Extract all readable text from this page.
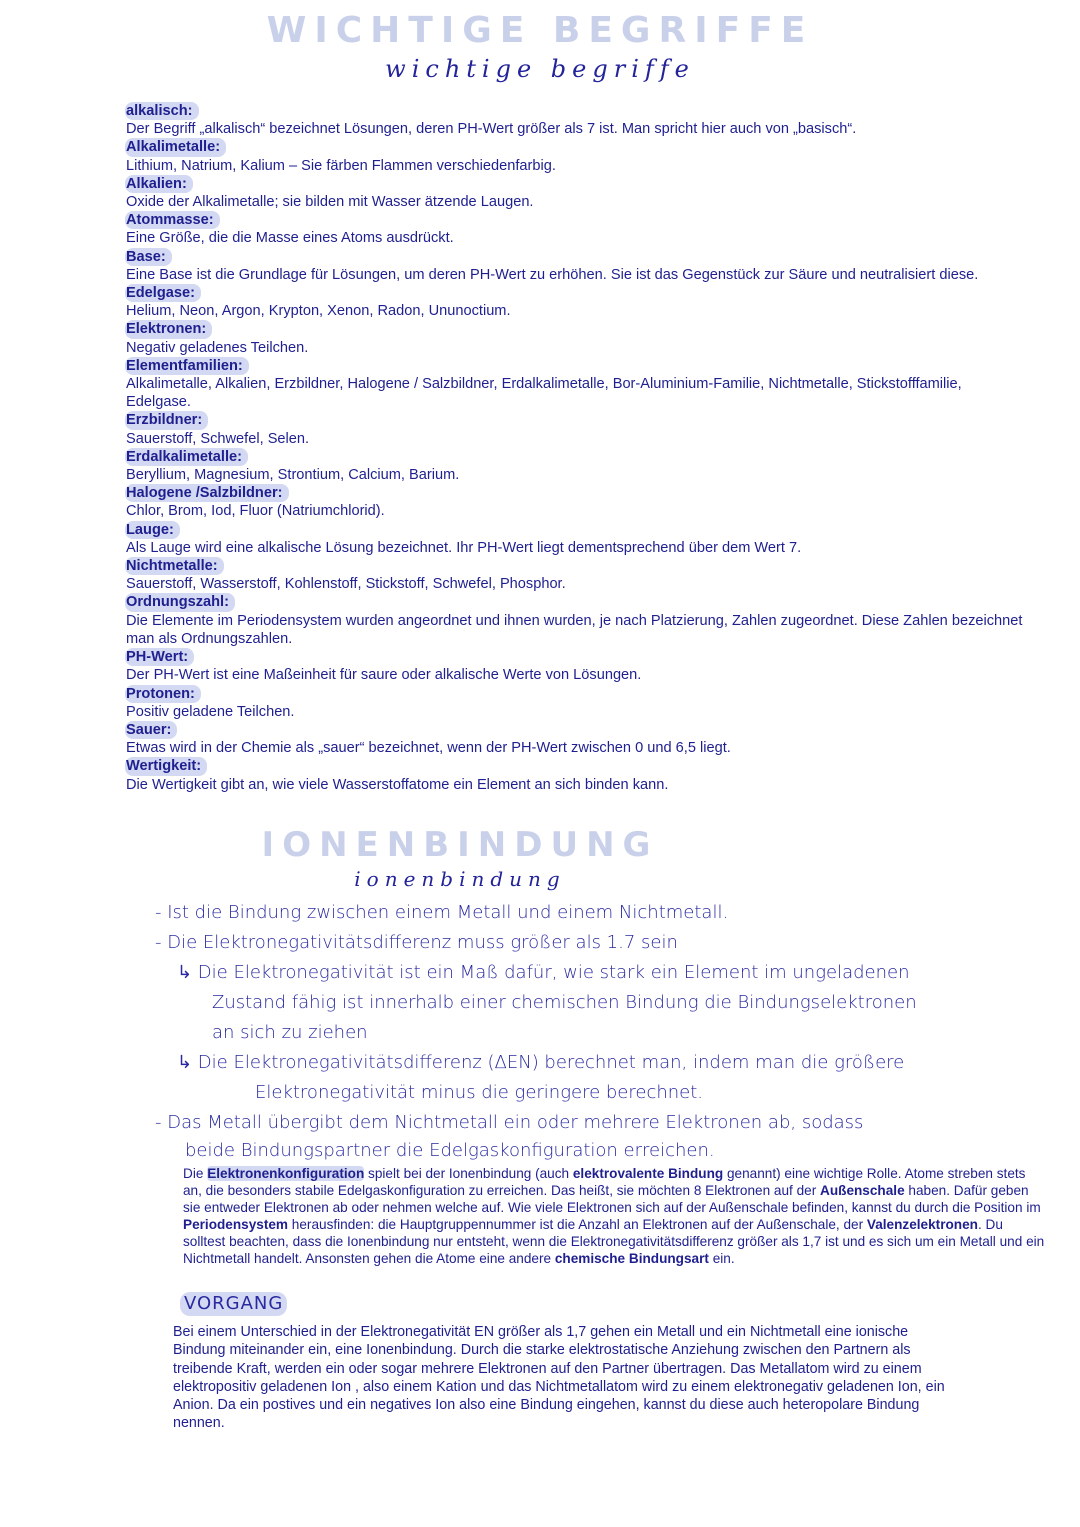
WICHTIGE BEGRIFFE
wichtige begriffe
alkalisch:
Der Begriff „alkalisch“ bezeichnet Lösungen, deren PH-Wert größer als 7 ist. Man spricht hier auch von „basisch“.
Alkalimetalle:
Lithium, Natrium, Kalium – Sie färben Flammen verschiedenfarbig.
Alkalien:
Oxide der Alkalimetalle; sie bilden mit Wasser ätzende Laugen.
Atommasse:
Eine Größe, die die Masse eines Atoms ausdrückt.
Base:
Eine Base ist die Grundlage für Lösungen, um deren PH-Wert zu erhöhen. Sie ist das Gegenstück zur Säure und neutralisiert diese.
Edelgase:
Helium, Neon, Argon, Krypton, Xenon, Radon, Ununoctium.
Elektronen:
Negativ geladenes Teilchen.
Elementfamilien:
Alkalimetalle, Alkalien, Erzbildner, Halogene / Salzbildner, Erdalkalimetalle, Bor-Aluminium-Familie, Nichtmetalle, Stickstofffamilie, Edelgase.
Erzbildner:
Sauerstoff, Schwefel, Selen.
Erdalkalimetalle:
Beryllium, Magnesium, Strontium, Calcium, Barium.
Halogene /Salzbildner:
Chlor, Brom, Iod, Fluor (Natriumchlorid).
Lauge:
Als Lauge wird eine alkalische Lösung bezeichnet. Ihr PH-Wert liegt dementsprechend über dem Wert 7.
Nichtmetalle:
Sauerstoff, Wasserstoff, Kohlenstoff, Stickstoff, Schwefel, Phosphor.
Ordnungszahl:
Die Elemente im Periodensystem wurden angeordnet und ihnen wurden, je nach Platzierung, Zahlen zugeordnet. Diese Zahlen bezeichnet man als Ordnungszahlen.
PH-Wert:
Der PH-Wert ist eine Maßeinheit für saure oder alkalische Werte von Lösungen.
Protonen:
Positiv geladene Teilchen.
Sauer:
Etwas wird in der Chemie als „sauer“ bezeichnet, wenn der PH-Wert zwischen 0 und 6,5 liegt.
Wertigkeit:
Die Wertigkeit gibt an, wie viele Wasserstoffatome ein Element an sich binden kann.
IONENBINDUNG
ionenbindung
- Ist die Bindung zwischen einem Metall und einem Nichtmetall.
- Die Elektronegativitätsdifferenz muss größer als 1.7 sein
↳ Die Elektronegativität ist ein Maß dafür, wie stark ein Element im ungeladenen
Zustand fähig ist innerhalb einer chemischen Bindung die Bindungselektronen
an sich zu ziehen
↳ Die Elektronegativitätsdifferenz (ΔEN) berechnet man, indem man die größere
Elektronegativität minus die geringere berechnet.
- Das Metall übergibt dem Nichtmetall ein oder mehrere Elektronen ab, sodass
beide Bindungspartner die Edelgaskonfiguration erreichen.
Die Elektronenkonfiguration spielt bei der Ionenbindung (auch elektrovalente Bindung genannt) eine wichtige Rolle. Atome streben stets an, die besonders stabile Edelgaskonfiguration zu erreichen. Das heißt, sie möchten 8 Elektronen auf der Außenschale haben. Dafür geben sie entweder Elektronen ab oder nehmen welche auf. Wie viele Elektronen sich auf der Außenschale befinden, kannst du durch die Position im Periodensystem herausfinden: die Hauptgruppennummer ist die Anzahl an Elektronen auf der Außenschale, der Valenzelektronen. Du solltest beachten, dass die Ionenbindung nur entsteht, wenn die Elektronegativitätsdifferenz größer als 1,7 ist und es sich um ein Metall und ein Nichtmetall handelt. Ansonsten gehen die Atome eine andere chemische Bindungsart ein.
VORGANG
Bei einem Unterschied in der Elektronegativität EN größer als 1,7 gehen ein Metall und ein Nichtmetall eine ionische Bindung miteinander ein, eine Ionenbindung. Durch die starke elektrostatische Anziehung zwischen den Partnern als treibende Kraft, werden ein oder sogar mehrere Elektronen auf den Partner übertragen. Das Metallatom wird zu einem elektropositiv geladenen Ion , also einem Kation und das Nichtmetallatom wird zu einem elektronegativ geladenen Ion, ein Anion. Da ein postives und ein negatives Ion also eine Bindung eingehen, kannst du diese auch heteropolare Bindung nennen.
